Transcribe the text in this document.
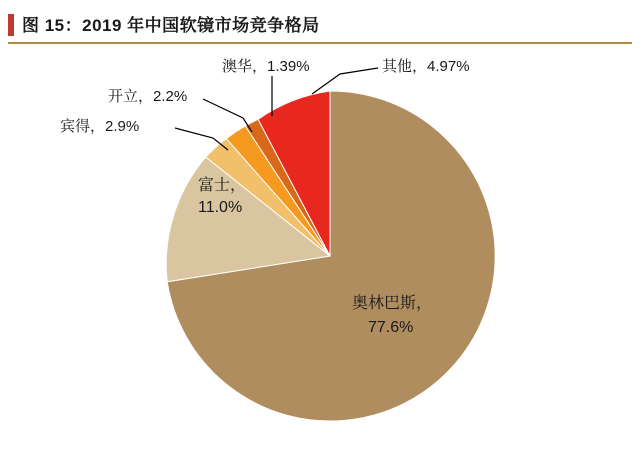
图 15：2019 年中国软镜市场竞争格局
宾得，2.9%
开立，2.2%
澳华，1.39%	其他，4.97%
富士，
11.0%
奥林巴斯，
77.6%
